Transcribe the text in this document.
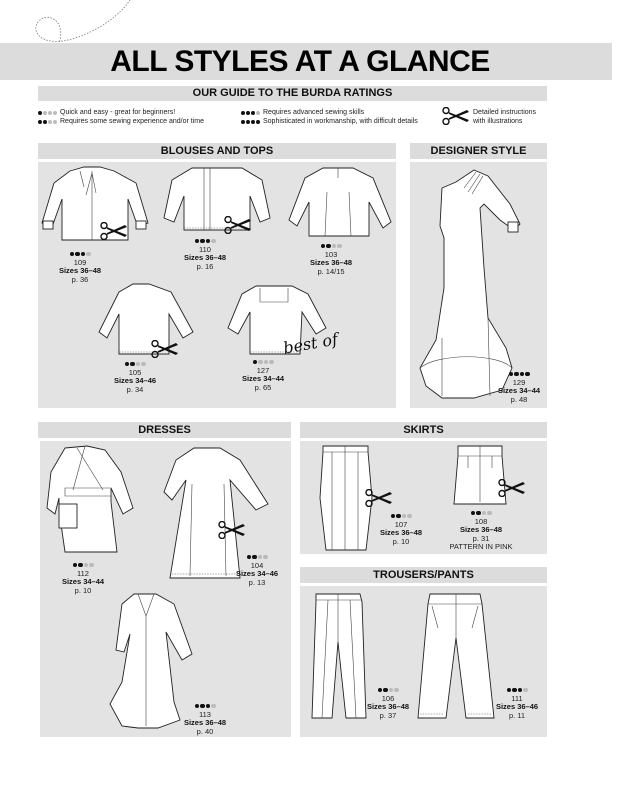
ALL STYLES AT A GLANCE
OUR GUIDE TO THE BURDA RATINGS
Quick and easy - great for beginners!
Requires some sewing experience and/or time
Requires advanced sewing skills
Sophisticated in workmanship, with difficult details
Detailed instructions
with illustrations
BLOUSES AND TOPS
109
Sizes 36–48
p. 36
110
Sizes 36–48
p. 16
103
Sizes 36–48
p. 14/15
105
Sizes 34–46
p. 34
best of
127
Sizes 34–44
p. 65
DESIGNER STYLE
129
Sizes 34–44
p. 48
DRESSES
112
Sizes 34–44
p. 10
104
Sizes 34–46
p. 13
113
Sizes 36–48
p. 40
SKIRTS
107
Sizes 36–48
p. 10
108
Sizes 36–48
p. 31
PATTERN IN PINK
TROUSERS/PANTS
106
Sizes 36–48
p. 37
111
Sizes 36–46
p. 11
